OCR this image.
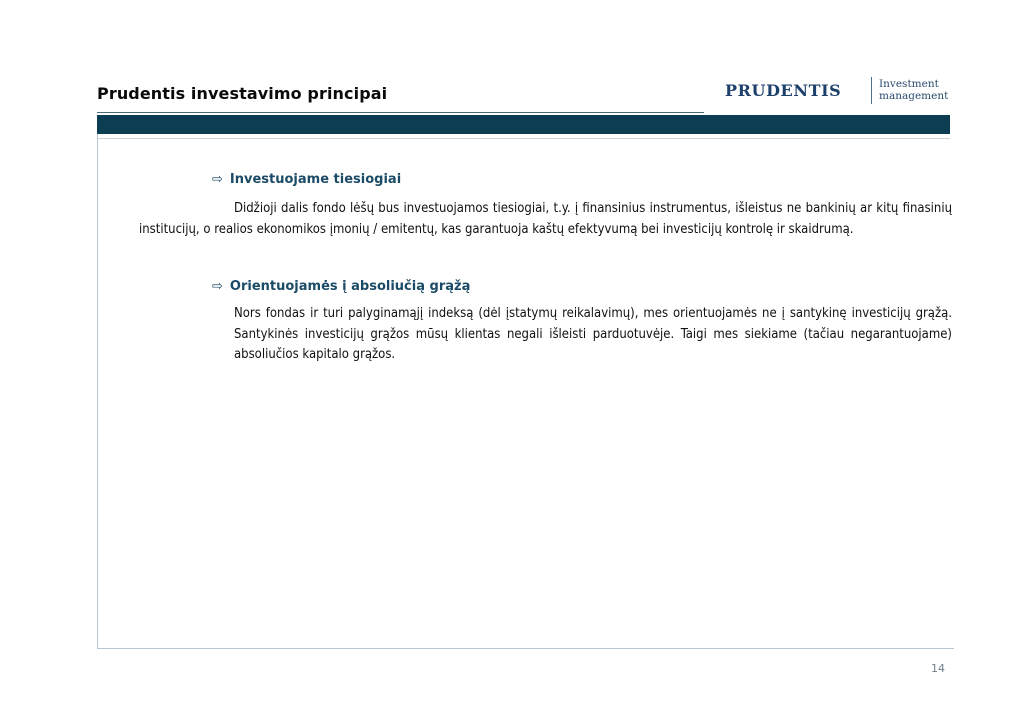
Prudentis investavimo principai	PRUDENTIS	Investment
management
⇨ Investuojame tiesiogiai
Didžioji dalis fondo lėšų bus investuojamos tiesiogiai, t.y. į finansinius instrumentus, išleistus ne bankinių ar kitų finasinių institucijų, o realios ekonomikos įmonių / emitentų, kas garantuoja kaštų efektyvumą bei investicijų kontrolę ir skaidrumą.
⇨ Orientuojamės į absoliučią grąžą
Nors fondas ir turi palyginamąjį indeksą (dėl įstatymų reikalavimų), mes orientuojamės ne į santykinę investicijų grąžą. Santykinės investicijų grąžos mūsų klientas negali išleisti parduotuvėje. Taigi mes siekiame (tačiau negarantuojame) absoliučios kapitalo grąžos.
14
